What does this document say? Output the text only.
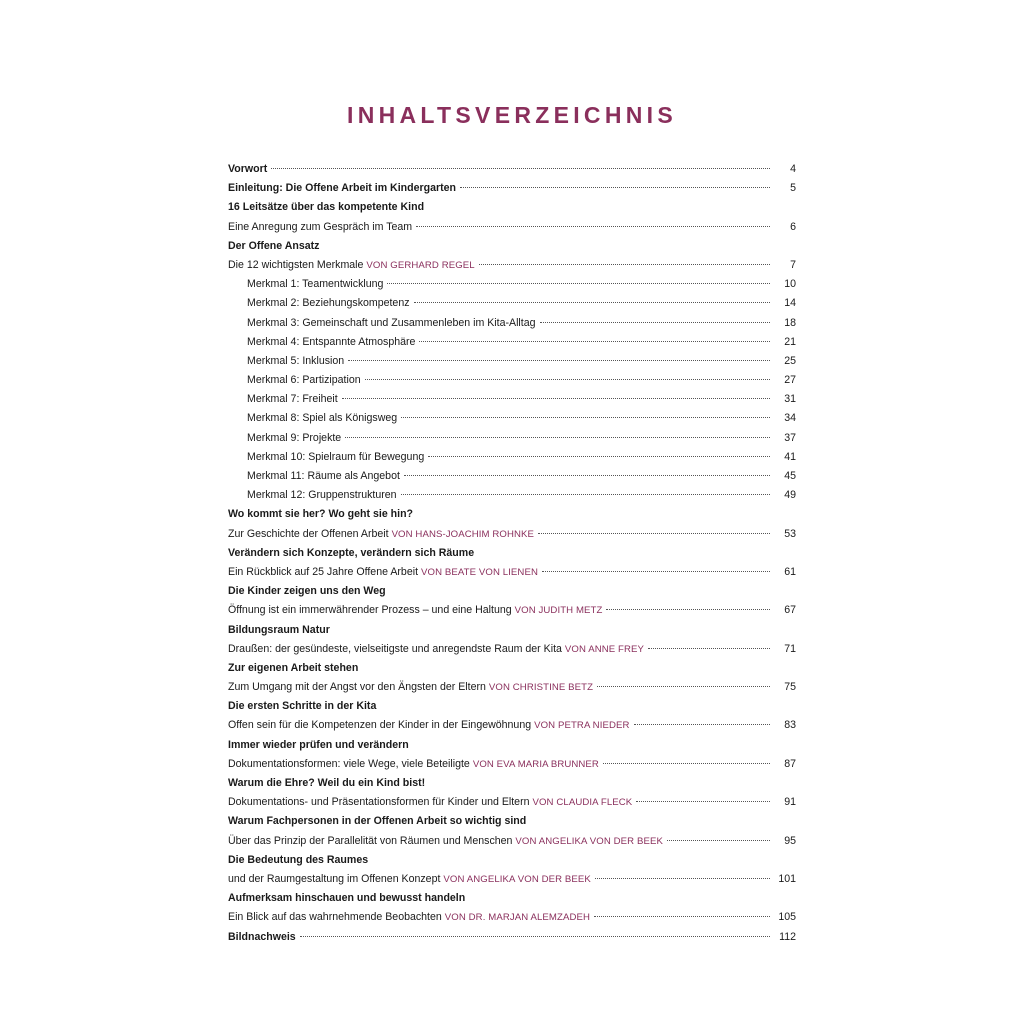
INHALTSVERZEICHNIS
Vorwort	4
Einleitung: Die Offene Arbeit im Kindergarten	5
16 Leitsätze über das kompetente Kind
Eine Anregung zum Gespräch im Team	6
Der Offene Ansatz
Die 12 wichtigsten Merkmale VON GERHARD REGEL	7
Merkmal 1: Teamentwicklung	10
Merkmal 2: Beziehungskompetenz	14
Merkmal 3: Gemeinschaft und Zusammenleben im Kita-Alltag	18
Merkmal 4: Entspannte Atmosphäre	21
Merkmal 5: Inklusion	25
Merkmal 6: Partizipation	27
Merkmal 7: Freiheit	31
Merkmal 8: Spiel als Königsweg	34
Merkmal 9: Projekte	37
Merkmal 10: Spielraum für Bewegung	41
Merkmal 11: Räume als Angebot	45
Merkmal 12: Gruppenstrukturen	49
Wo kommt sie her? Wo geht sie hin?
Zur Geschichte der Offenen Arbeit VON HANS-JOACHIM ROHNKE	53
Verändern sich Konzepte, verändern sich Räume
Ein Rückblick auf 25 Jahre Offene Arbeit VON BEATE VON LIENEN	61
Die Kinder zeigen uns den Weg
Öffnung ist ein immerwährender Prozess – und eine Haltung VON JUDITH METZ	67
Bildungsraum Natur
Draußen: der gesündeste, vielseitigste und anregendste Raum der Kita VON ANNE FREY	71
Zur eigenen Arbeit stehen
Zum Umgang mit der Angst vor den Ängsten der Eltern VON CHRISTINE BETZ	75
Die ersten Schritte in der Kita
Offen sein für die Kompetenzen der Kinder in der Eingewöhnung VON PETRA NIEDER	83
Immer wieder prüfen und verändern
Dokumentationsformen: viele Wege, viele Beteiligte VON EVA MARIA BRUNNER	87
Warum die Ehre? Weil du ein Kind bist!
Dokumentations- und Präsentationsformen für Kinder und Eltern VON CLAUDIA FLECK	91
Warum Fachpersonen in der Offenen Arbeit so wichtig sind
Über das Prinzip der Parallelität von Räumen und Menschen VON ANGELIKA VON DER BEEK	95
Die Bedeutung des Raumes
und der Raumgestaltung im Offenen Konzept VON ANGELIKA VON DER BEEK	101
Aufmerksam hinschauen und bewusst handeln
Ein Blick auf das wahrnehmende Beobachten VON DR. MARJAN ALEMZADEH	105
Bildnachweis	112
